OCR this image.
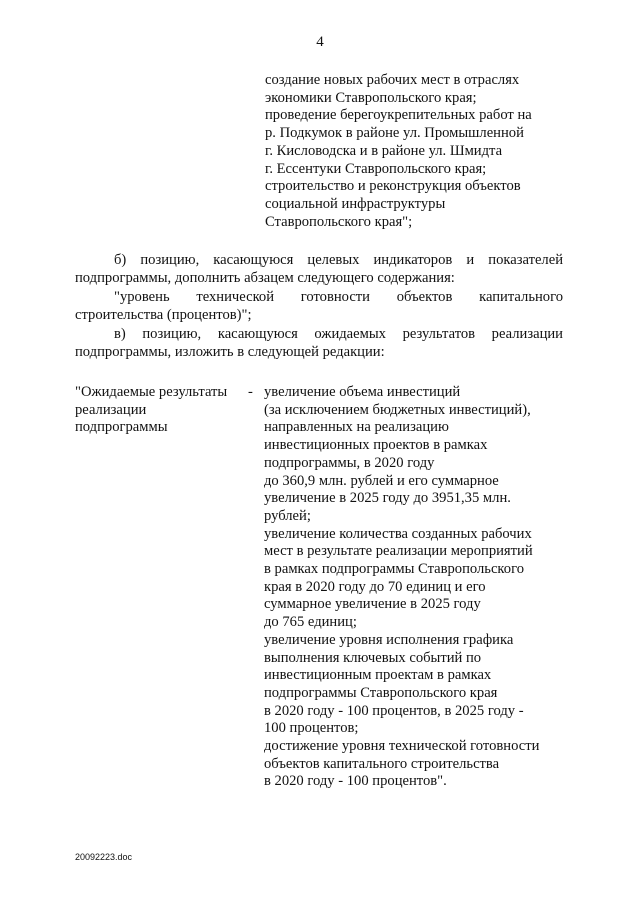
4
создание новых рабочих мест в отраслях
экономики Ставропольского края;
проведение берегоукрепительных работ на
р. Подкумок в районе ул. Промышленной
г. Кисловодска и в районе ул. Шмидта
г. Ессентуки Ставропольского края;
строительство и реконструкция объектов
социальной инфраструктуры
Ставропольского края";
б) позицию, касающуюся целевых индикаторов и показателей
подпрограммы, дополнить абзацем следующего содержания:
"уровень технической готовности объектов капитального
строительства (процентов)";
в) позицию, касающуюся ожидаемых результатов реализации
подпрограммы, изложить в следующей редакции:
"Ожидаемые результаты
реализации
подпрограммы
- увеличение объема инвестиций
(за исключением бюджетных инвестиций),
направленных на реализацию
инвестиционных проектов в рамках
подпрограммы, в 2020 году
до 360,9 млн. рублей и его суммарное
увеличение в 2025 году до 3951,35 млн.
рублей;
увеличение количества созданных рабочих
мест в результате реализации мероприятий
в рамках подпрограммы Ставропольского
края в 2020 году до 70 единиц и его
суммарное увеличение в 2025 году
до 765 единиц;
увеличение уровня исполнения графика
выполнения ключевых событий по
инвестиционным проектам в рамках
подпрограммы Ставропольского края
в 2020 году - 100 процентов, в 2025 году -
100 процентов;
достижение уровня технической готовности
объектов капитального строительства
в 2020 году - 100 процентов".
20092223.doc
